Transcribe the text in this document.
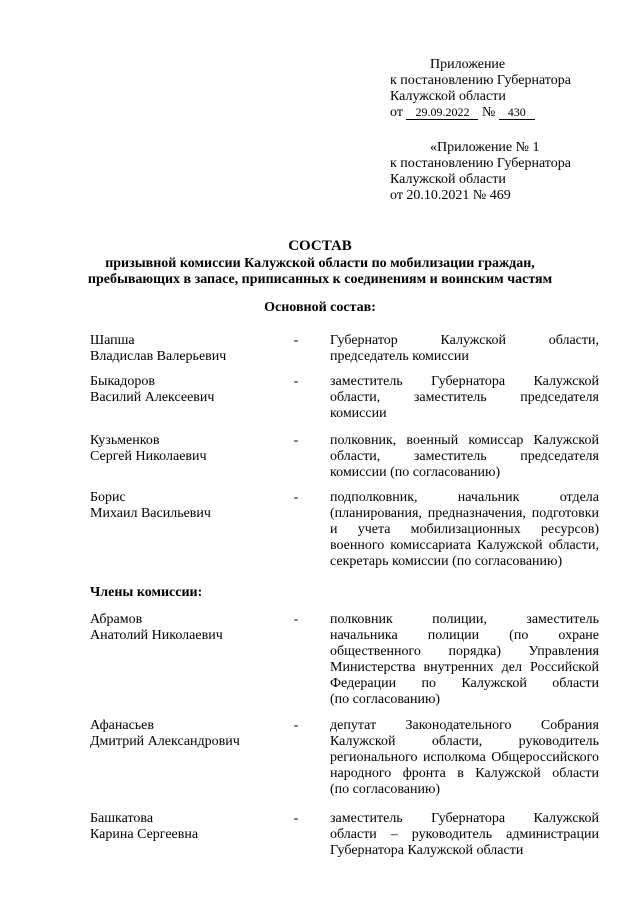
Приложение
к постановлению Губернатора
Калужской области
от 29.09.2022 № 430
«Приложение № 1
к постановлению Губернатора
Калужской области
от 20.10.2021 № 469
СОСТАВ
призывной комиссии Калужской области по мобилизации граждан,
пребывающих в запасе, приписанных к соединениям и воинским частям
Основной состав:
Шапша
Владислав Валерьевич
- Губернатор Калужской области,
председатель комиссии
Быкадоров
Василий Алексеевич
- заместитель Губернатора Калужской
области, заместитель председателя
комиссии
Кузьменков
Сергей Николаевич
- полковник, военный комиссар Калужской
области, заместитель председателя
комиссии (по согласованию)
Борис
Михаил Васильевич
- подполковник, начальник отдела
(планирования, предназначения, подготовки
и учета мобилизационных ресурсов)
военного комиссариата Калужской области,
секретарь комиссии (по согласованию)
Члены комиссии:
Абрамов
Анатолий Николаевич
- полковник полиции, заместитель
начальника полиции (по охране
общественного порядка) Управления
Министерства внутренних дел Российской
Федерации по Калужской области
(по согласованию)
Афанасьев
Дмитрий Александрович
- депутат Законодательного Собрания
Калужской области, руководитель
регионального исполкома Общероссийского
народного фронта в Калужской области
(по согласованию)
Башкатова
Карина Сергеевна
- заместитель Губернатора Калужской
области – руководитель администрации
Губернатора Калужской области
